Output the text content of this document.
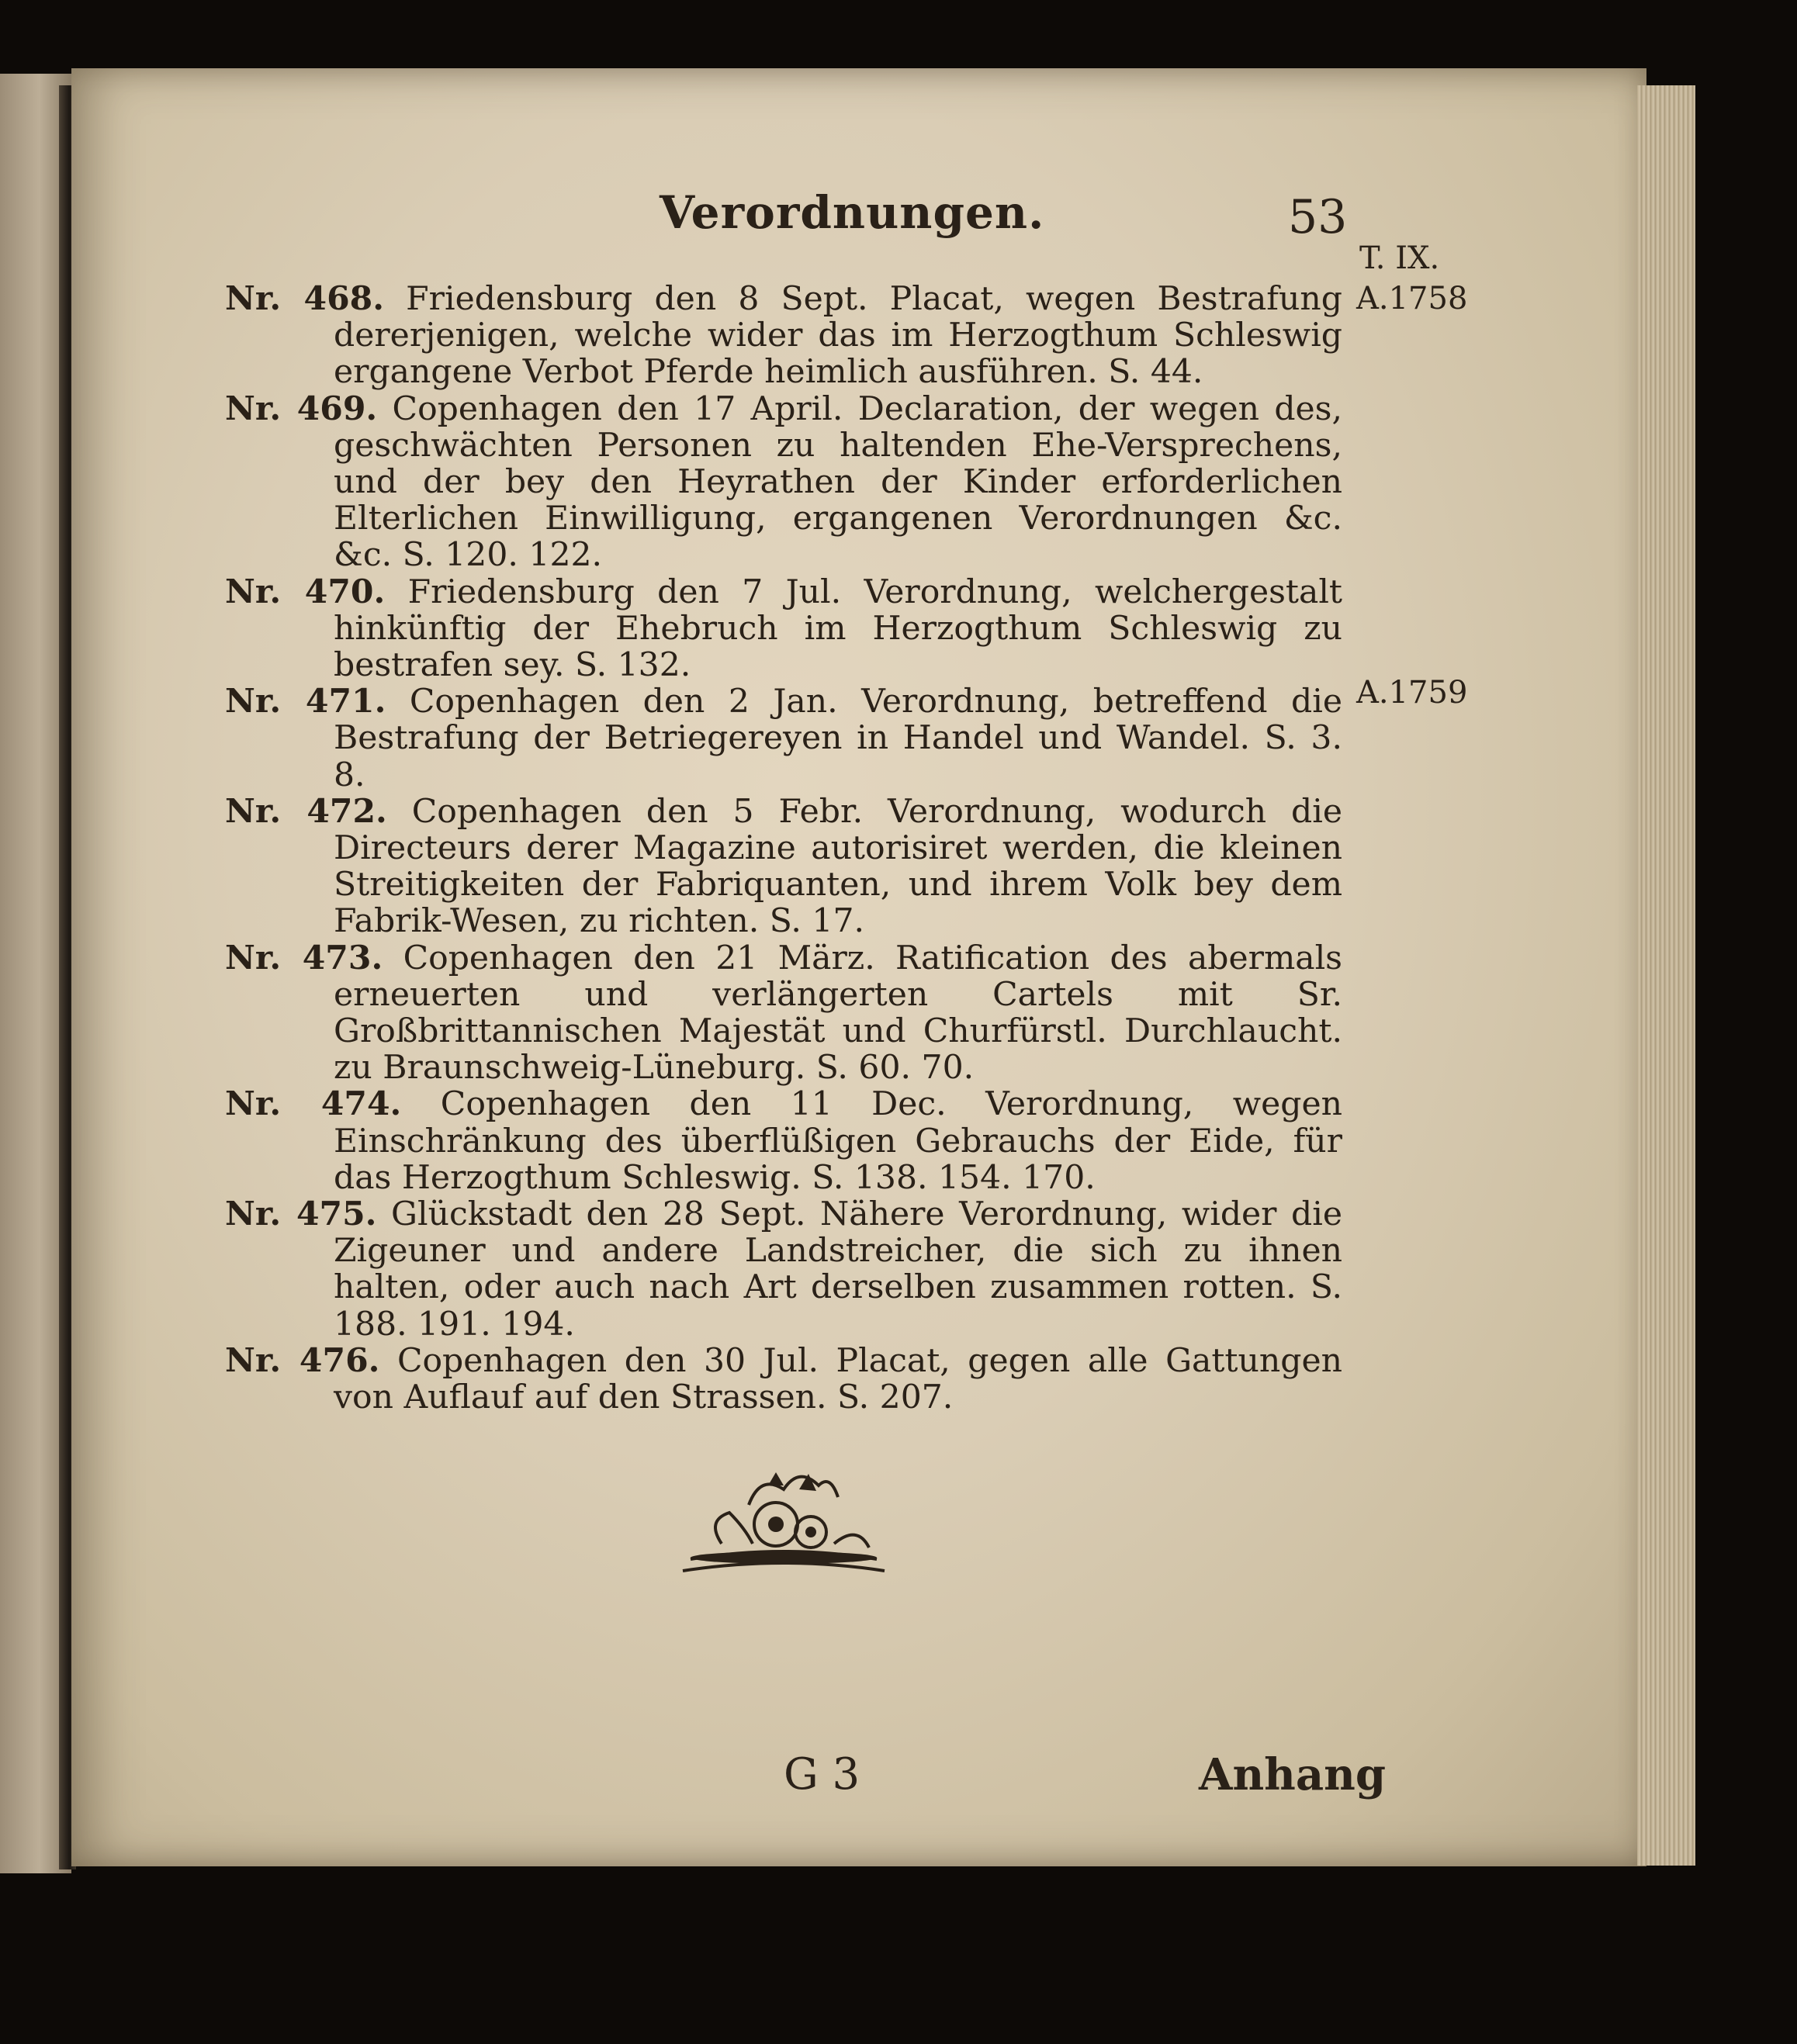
Verordnungen.	53
T. IX.
A.1758
A.1759

Nr. 468. Friedensburg den 8 Sept. Placat, wegen Bestrafung dererjenigen, welche wider das im Herzogthum Schleswig ergangene Verbot Pferde heimlich ausführen. S. 44.

Nr. 469. Copenhagen den 17 April. Declaration, der wegen des, geschwächten Personen zu haltenden Ehe-Versprechens, und der bey den Heyrathen der Kinder erforderlichen Elterlichen Einwilligung, ergangenen Verordnungen &c. &c. S. 120. 122.

Nr. 470. Friedensburg den 7 Jul. Verordnung, welchergestalt hinkünftig der Ehebruch im Herzogthum Schleswig zu bestrafen sey. S. 132.

Nr. 471. Copenhagen den 2 Jan. Verordnung, betreffend die Bestrafung der Betriegereyen in Handel und Wandel. S. 3. 8.

Nr. 472. Copenhagen den 5 Febr. Verordnung, wodurch die Directeurs derer Magazine autorisiret werden, die kleinen Streitigkeiten der Fabriquanten, und ihrem Volk bey dem Fabrik-Wesen, zu richten. S. 17.

Nr. 473. Copenhagen den 21 März. Ratification des abermals erneuerten und verlängerten Cartels mit Sr. Großbrittannischen Majestät und Churfürstl. Durchlaucht. zu Braunschweig-Lüneburg. S. 60. 70.

Nr. 474. Copenhagen den 11 Dec. Verordnung, wegen Einschränkung des überflüßigen Gebrauchs der Eide, für das Herzogthum Schleswig. S. 138. 154. 170.

Nr. 475. Glückstadt den 28 Sept. Nähere Verordnung, wider die Zigeuner und andere Landstreicher, die sich zu ihnen halten, oder auch nach Art derselben zusammen rotten. S. 188. 191. 194.

Nr. 476. Copenhagen den 30 Jul. Placat, gegen alle Gattungen von Auflauf auf den Strassen. S. 207.

G 3	Anhang
